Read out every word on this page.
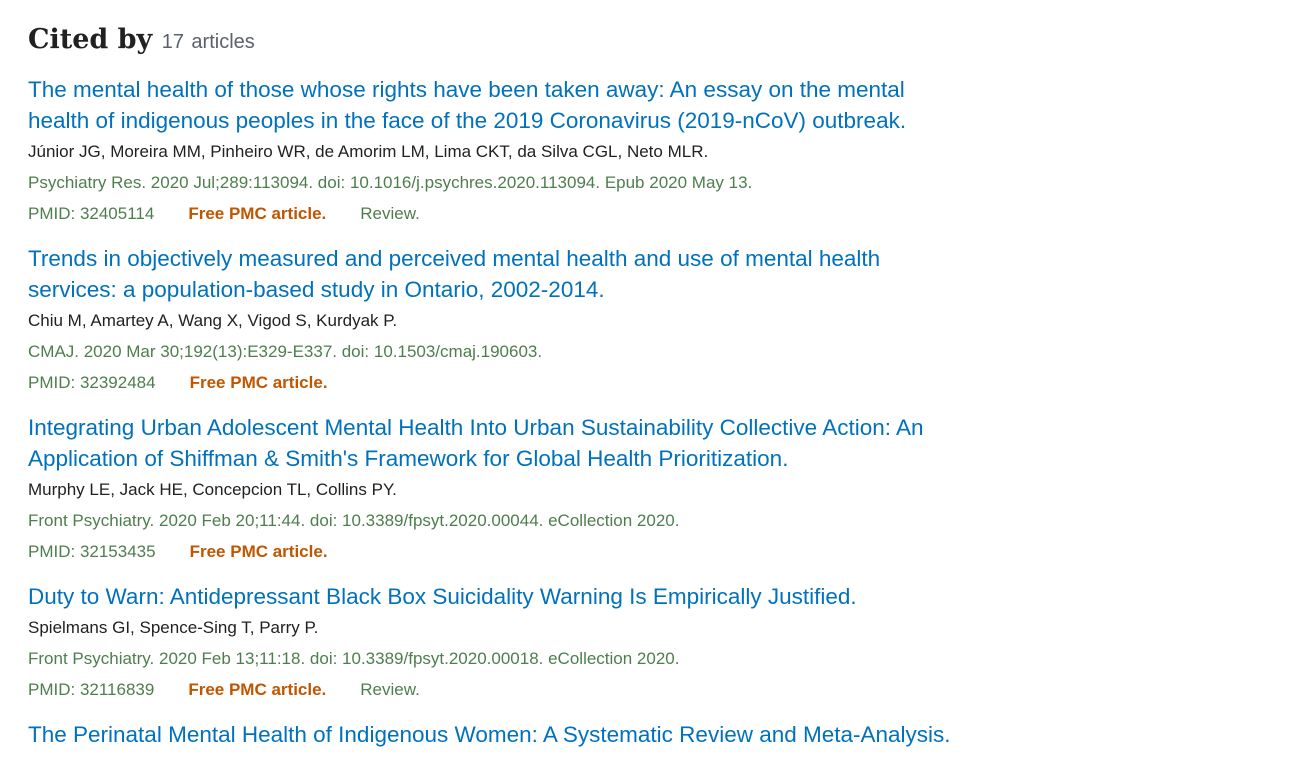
Cited by 17 articles
The mental health of those whose rights have been taken away: An essay on the mental health of indigenous peoples in the face of the 2019 Coronavirus (2019-nCoV) outbreak.
Júnior JG, Moreira MM, Pinheiro WR, de Amorim LM, Lima CKT, da Silva CGL, Neto MLR.
Psychiatry Res. 2020 Jul;289:113094. doi: 10.1016/j.psychres.2020.113094. Epub 2020 May 13.
PMID: 32405114 Free PMC article. Review.
Trends in objectively measured and perceived mental health and use of mental health services: a population-based study in Ontario, 2002-2014.
Chiu M, Amartey A, Wang X, Vigod S, Kurdyak P.
CMAJ. 2020 Mar 30;192(13):E329-E337. doi: 10.1503/cmaj.190603.
PMID: 32392484 Free PMC article.
Integrating Urban Adolescent Mental Health Into Urban Sustainability Collective Action: An Application of Shiffman & Smith's Framework for Global Health Prioritization.
Murphy LE, Jack HE, Concepcion TL, Collins PY.
Front Psychiatry. 2020 Feb 20;11:44. doi: 10.3389/fpsyt.2020.00044. eCollection 2020.
PMID: 32153435 Free PMC article.
Duty to Warn: Antidepressant Black Box Suicidality Warning Is Empirically Justified.
Spielmans GI, Spence-Sing T, Parry P.
Front Psychiatry. 2020 Feb 13;11:18. doi: 10.3389/fpsyt.2020.00018. eCollection 2020.
PMID: 32116839 Free PMC article. Review.
The Perinatal Mental Health of Indigenous Women: A Systematic Review and Meta-Analysis.
